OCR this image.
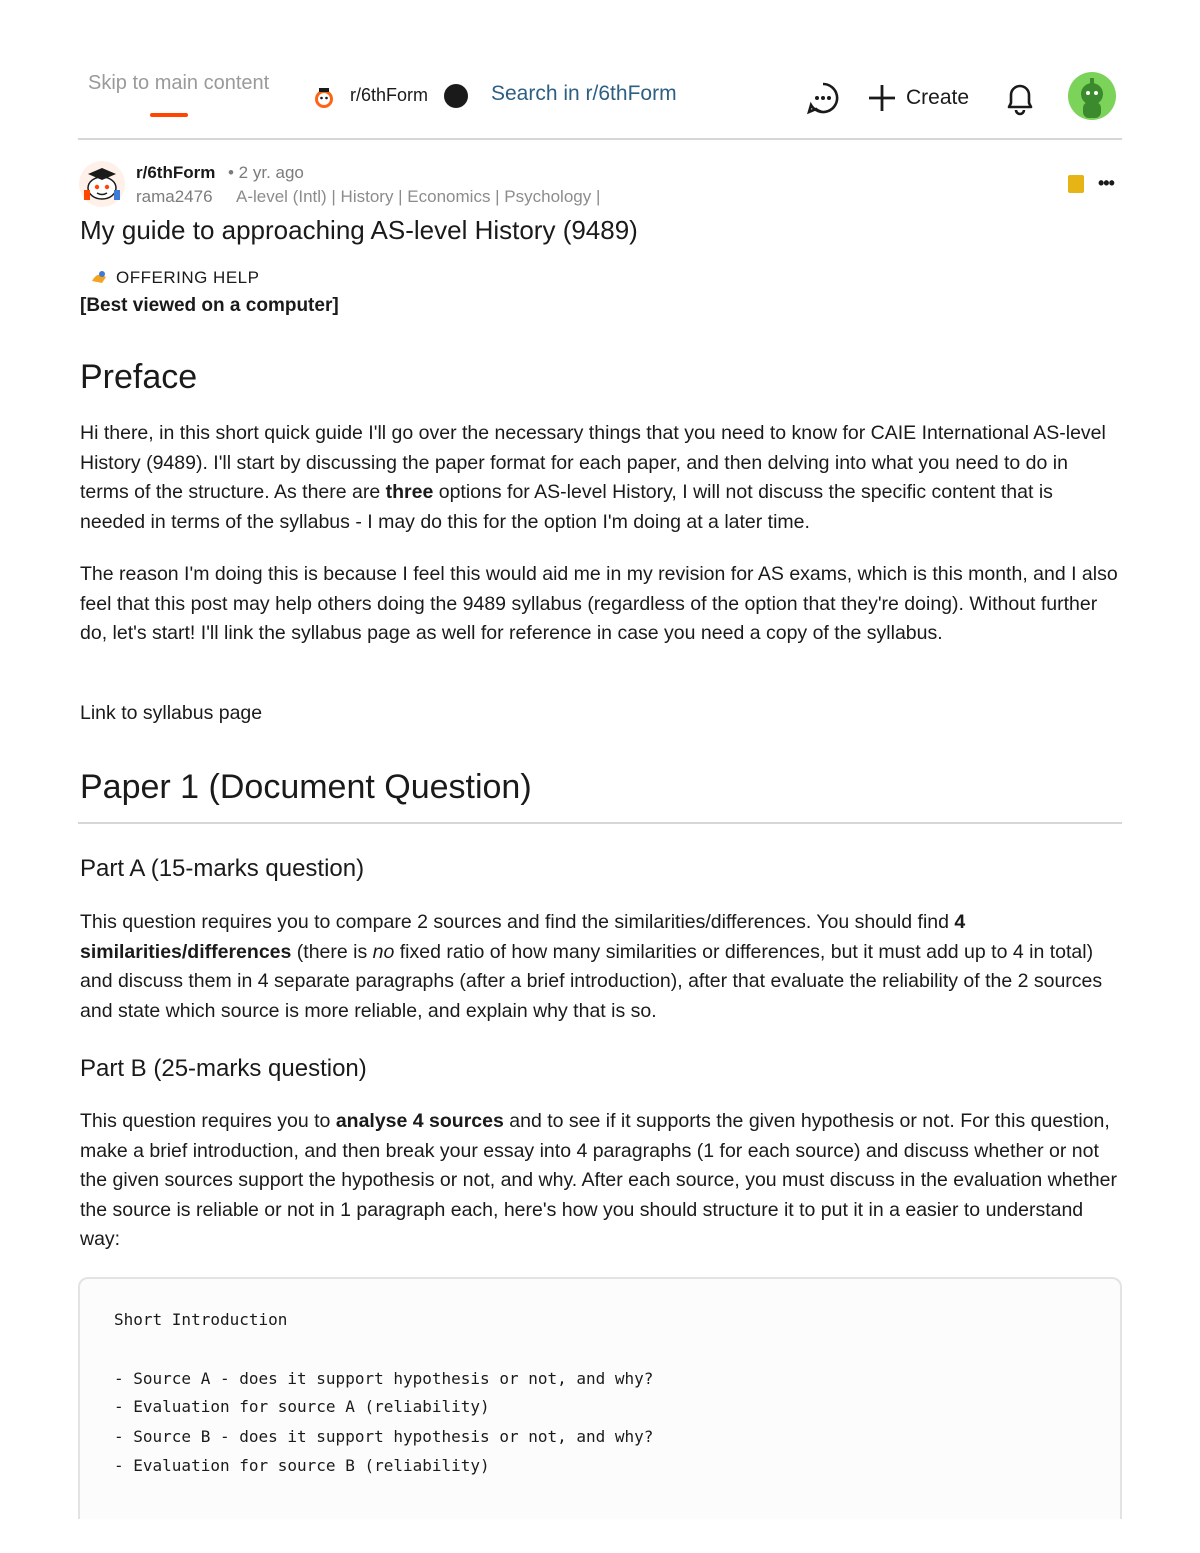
Skip to main content
r/6thForm	Search in r/6thForm	Create
r/6thForm • 2 yr. ago
rama2476 A-level (Intl) | History | Economics | Psychology |
•••
My guide to approaching AS-level History (9489)
OFFERING HELP
[Best viewed on a computer]
Preface

Hi there, in this short quick guide I'll go over the necessary things that you need to know for CAIE International AS-level History (9489). I'll start by discussing the paper format for each paper, and then delving into what you need to do in terms of the structure. As there are three options for AS-level History, I will not discuss the specific content that is needed in terms of the syllabus - I may do this for the option I'm doing at a later time.

The reason I'm doing this is because I feel this would aid me in my revision for AS exams, which is this month, and I also feel that this post may help others doing the 9489 syllabus (regardless of the option that they're doing). Without further do, let's start! I'll link the syllabus page as well for reference in case you need a copy of the syllabus.

Link to syllabus page
Paper 1 (Document Question)
Part A (15-marks question)

This question requires you to compare 2 sources and find the similarities/differences. You should find 4 similarities/differences (there is no fixed ratio of how many similarities or differences, but it must add up to 4 in total) and discuss them in 4 separate paragraphs (after a brief introduction), after that evaluate the reliability of the 2 sources and state which source is more reliable, and explain why that is so.

Part B (25-marks question)

This question requires you to analyse 4 sources and to see if it supports the given hypothesis or not. For this question, make a brief introduction, and then break your essay into 4 paragraphs (1 for each source) and discuss whether or not the given sources support the hypothesis or not, and why. After each source, you must discuss in the evaluation whether the source is reliable or not in 1 paragraph each, here's how you should structure it to put it in a easier to understand way:

Short Introduction
- Source A - does it support hypothesis or not, and why?
- Evaluation for source A (reliability)
- Source B - does it support hypothesis or not, and why?
- Evaluation for source B (reliability)
